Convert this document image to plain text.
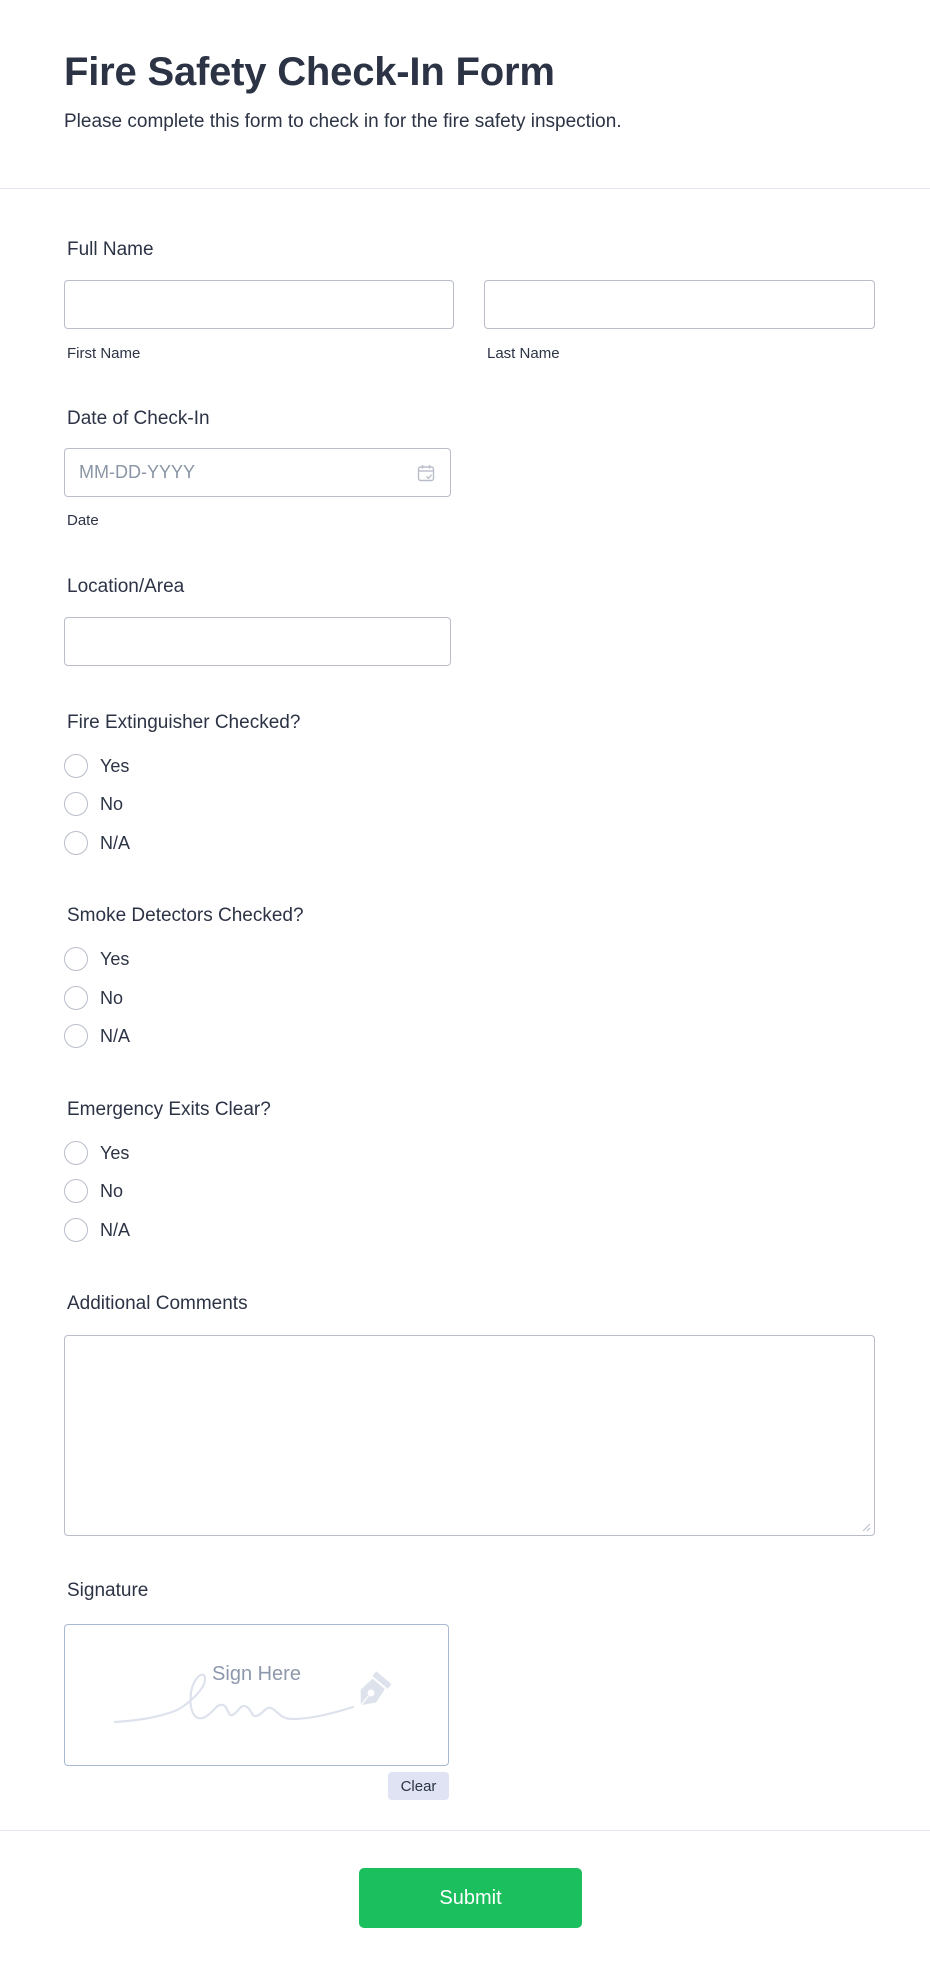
Fire Safety Check-In Form
Please complete this form to check in for the fire safety inspection.
Full Name
First Name	Last Name
Date of Check-In
MM-DD-YYYY
Date
Location/Area
Fire Extinguisher Checked?
Yes
No
N/A
Smoke Detectors Checked?
Yes
No
N/A
Emergency Exits Clear?
Yes
No
N/A
Additional Comments
Signature
Sign Here
Clear
Submit
